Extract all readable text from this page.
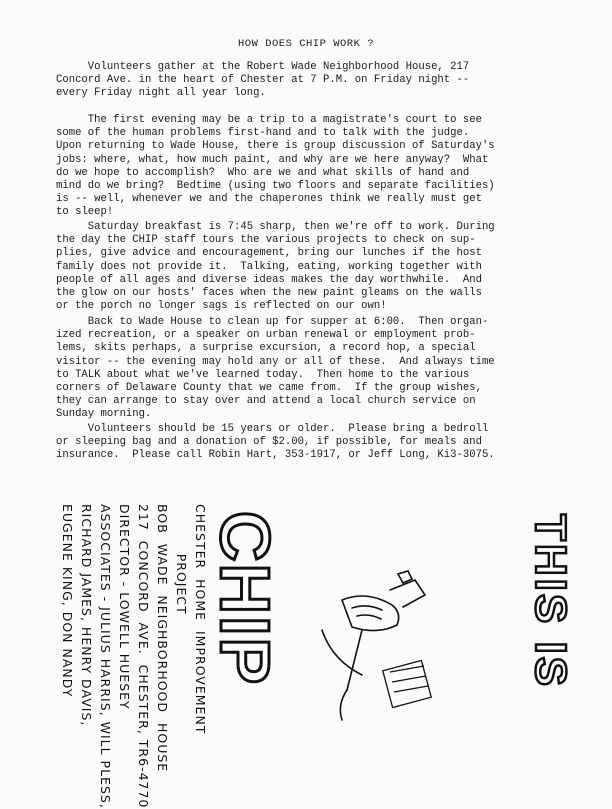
HOW DOES CHIP WORK ?

Volunteers gather at the Robert Wade Neighborhood House, 217
Concord Ave. in the heart of Chester at 7 P.M. on Friday night --
every Friday night all year long.

The first evening may be a trip to a magistrate's court to see
some of the human problems first-hand and to talk with the judge.
Upon returning to Wade House, there is group discussion of Saturday's
jobs: where, what, how much paint, and why are we here anyway?  What
do we hope to accomplish?  Who are we and what skills of hand and
mind do we bring?  Bedtime (using two floors and separate facilities)
is -- well, whenever we and the chaperones think we really must get
to sleep!

Saturday breakfast is 7:45 sharp, then we're off to work. During
the day the CHIP staff tours the various projects to check on sup-
plies, give advice and encouragement, bring our lunches if the host
family does not provide it.  Talking, eating, working together with
people of all ages and diverse ideas makes the day worthwhile.  And
the glow on our hosts' faces when the new paint gleams on the walls
or the porch no longer sags is reflected on our own!

Back to Wade House to clean up for supper at 6:00.  Then organ-
ized recreation, or a speaker on urban renewal or employment prob-
lems, skits perhaps, a surprise excursion, a record hop, a special
visitor -- the evening may hold any or all of these.  And always time
to TALK about what we've learned today.  Then home to the various
corners of Delaware County that we came from.  If the group wishes,
they can arrange to stay over and attend a local church service on
Sunday morning.

Volunteers should be 15 years or older.  Please bring a bedroll
or sleeping bag and a donation of $2.00, if possible, for meals and
insurance.  Please call Robin Hart, 353-1917, or Jeff Long, Ki3-3075.

CHESTER  HOME  IMPROVEMENT
PROJECT
BOB  WADE  NEIGHBORHOOD  HOUSE
217  CONCORD  AVE.  CHESTER, TR6-4770
DIRECTOR - LOWELL HUESEY
ASSOCIATES - JULIUS HARRIS, WILL PLESS,
RICHARD JAMES, HENRY DAVIS,
EUGENE KING, DON NANDY	CHIP	THIS IS
